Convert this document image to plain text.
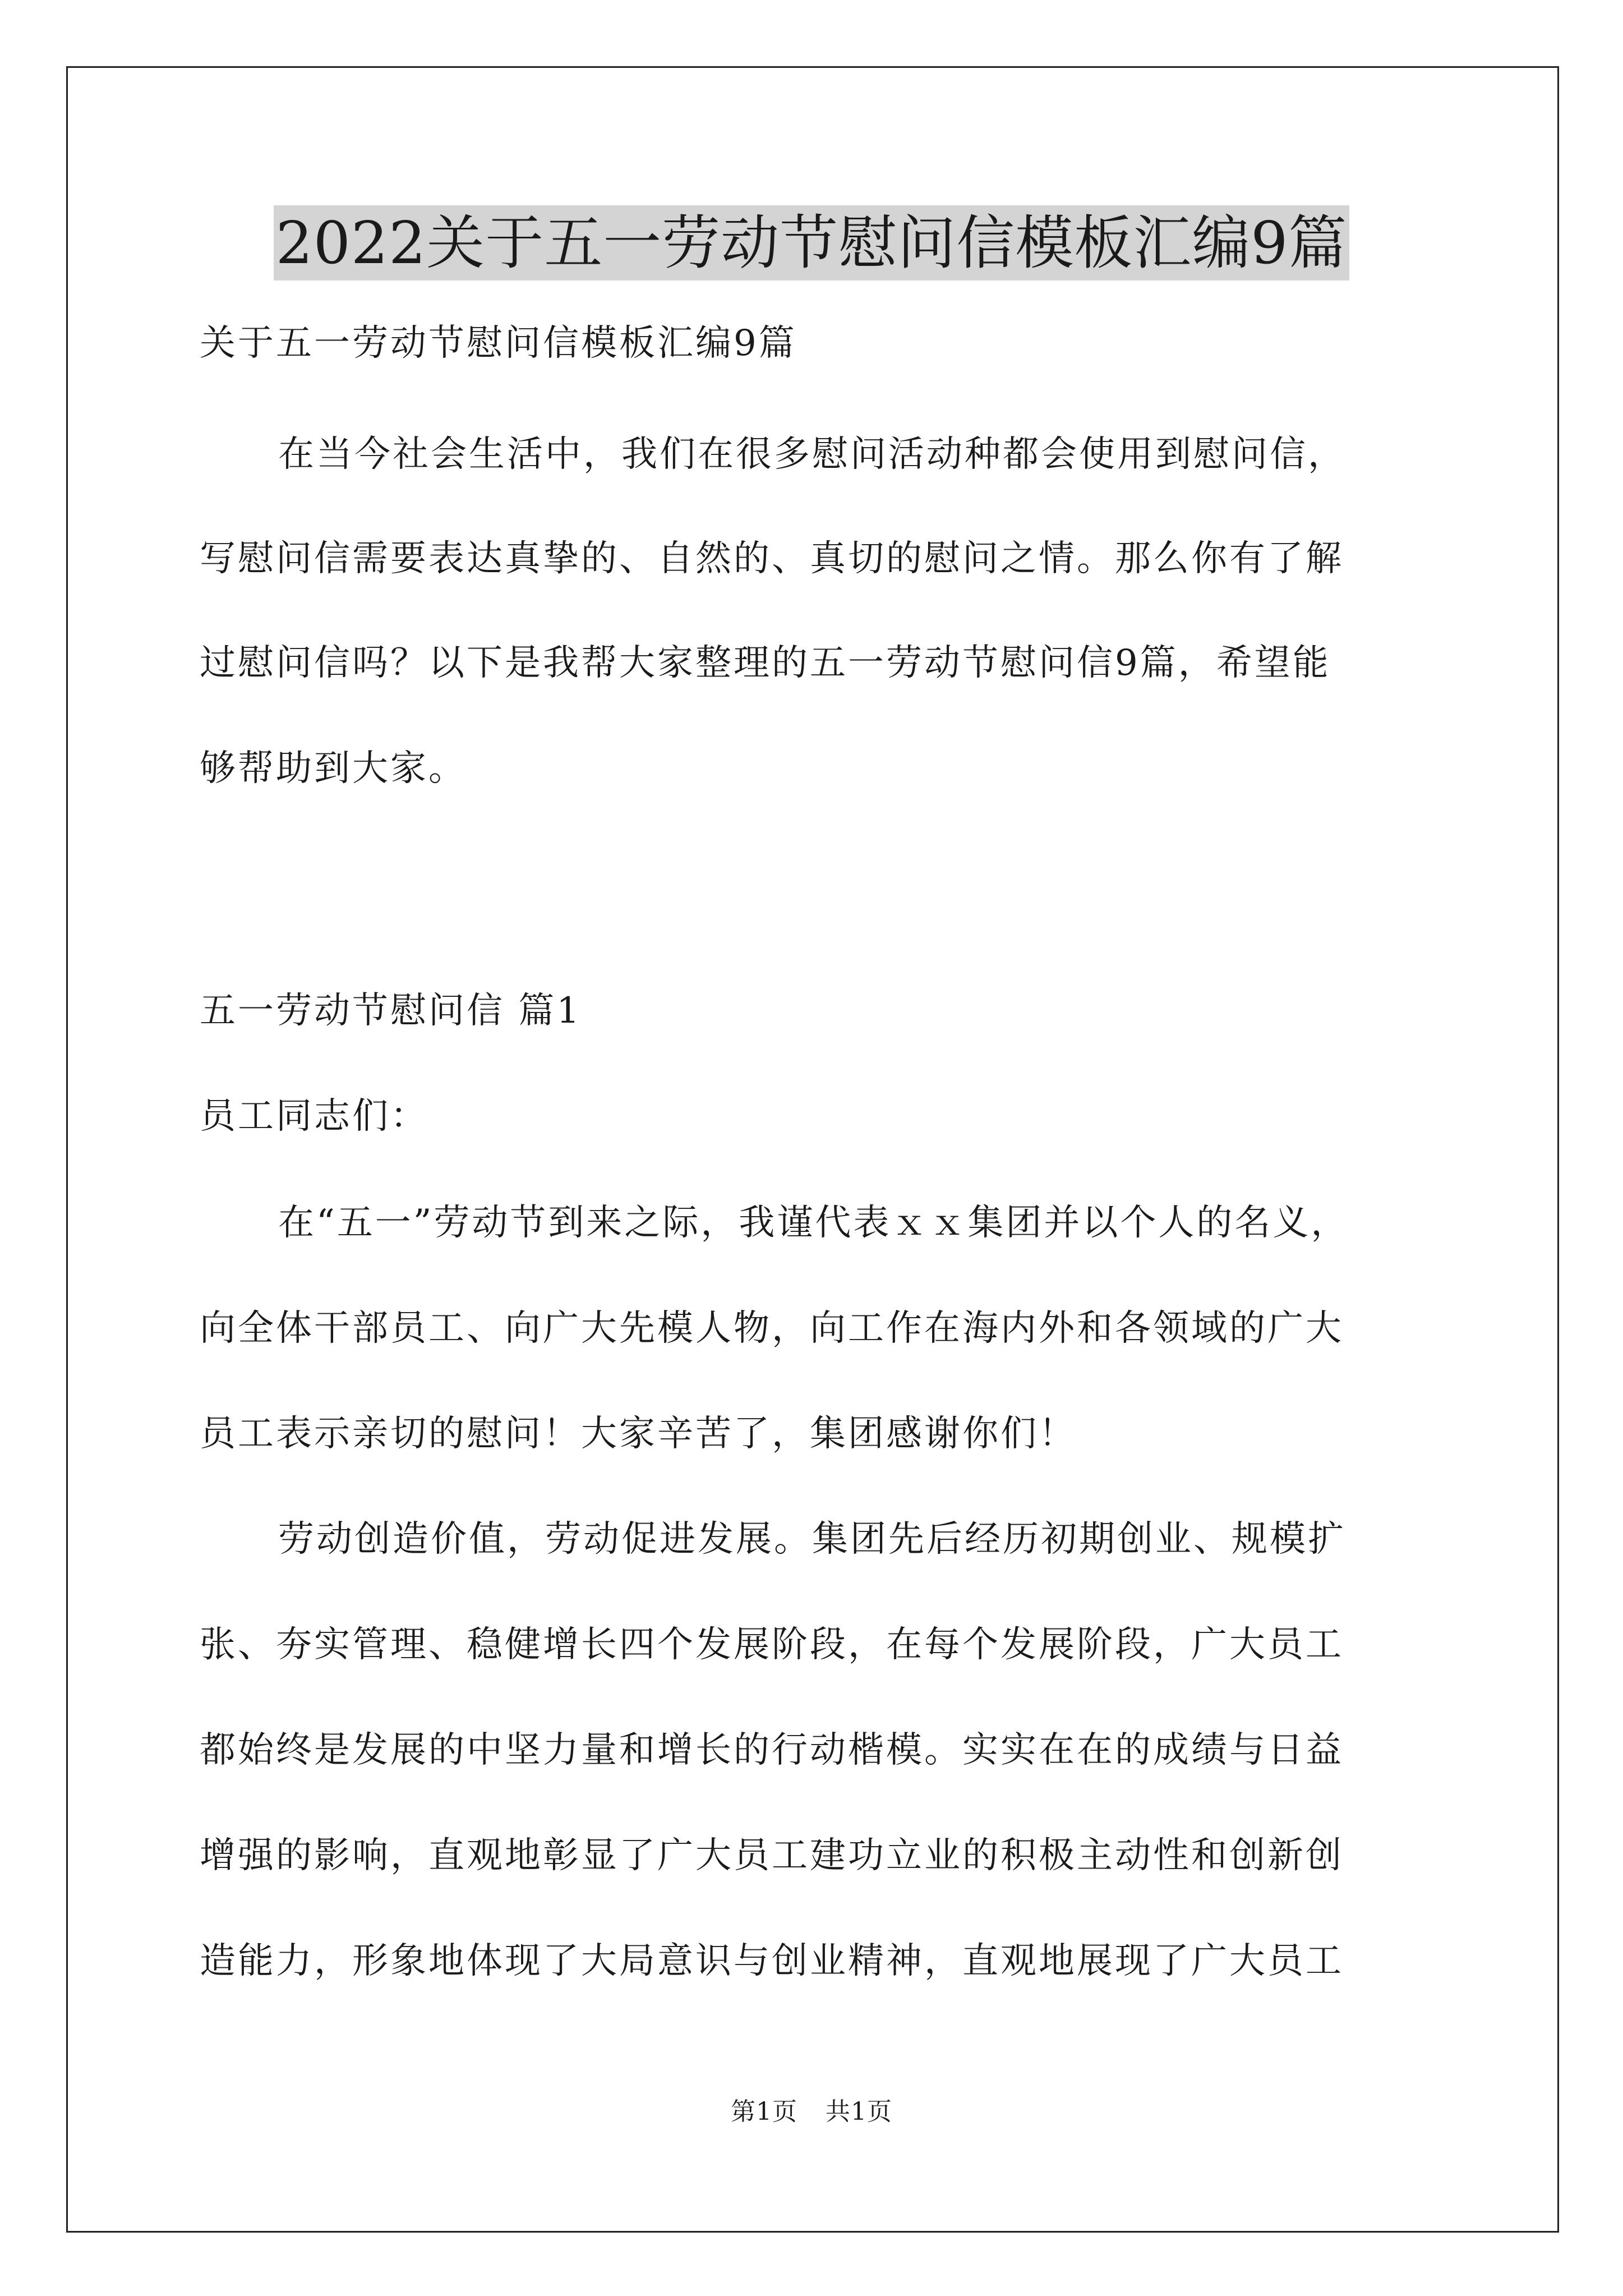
2022关于五一劳动节慰问信模板汇编9篇
关于五一劳动节慰问信模板汇编9篇
在当今社会生活中，我们在很多慰问活动种都会使用到慰问信，
写慰问信需要表达真挚的、自然的、真切的慰问之情。那么你有了解
过慰问信吗？以下是我帮大家整理的五一劳动节慰问信9篇，希望能
够帮助到大家。
五一劳动节慰问信 篇1
员工同志们：
在“五一”劳动节到来之际，我谨代表ｘｘ集团并以个人的名义，
向全体干部员工、向广大先模人物，向工作在海内外和各领域的广大
员工表示亲切的慰问！大家辛苦了，集团感谢你们！
劳动创造价值，劳动促进发展。集团先后经历初期创业、规模扩
张、夯实管理、稳健增长四个发展阶段，在每个发展阶段，广大员工
都始终是发展的中坚力量和增长的行动楷模。实实在在的成绩与日益
增强的影响，直观地彰显了广大员工建功立业的积极主动性和创新创
造能力，形象地体现了大局意识与创业精神，直观地展现了广大员工
第1页 共1页
